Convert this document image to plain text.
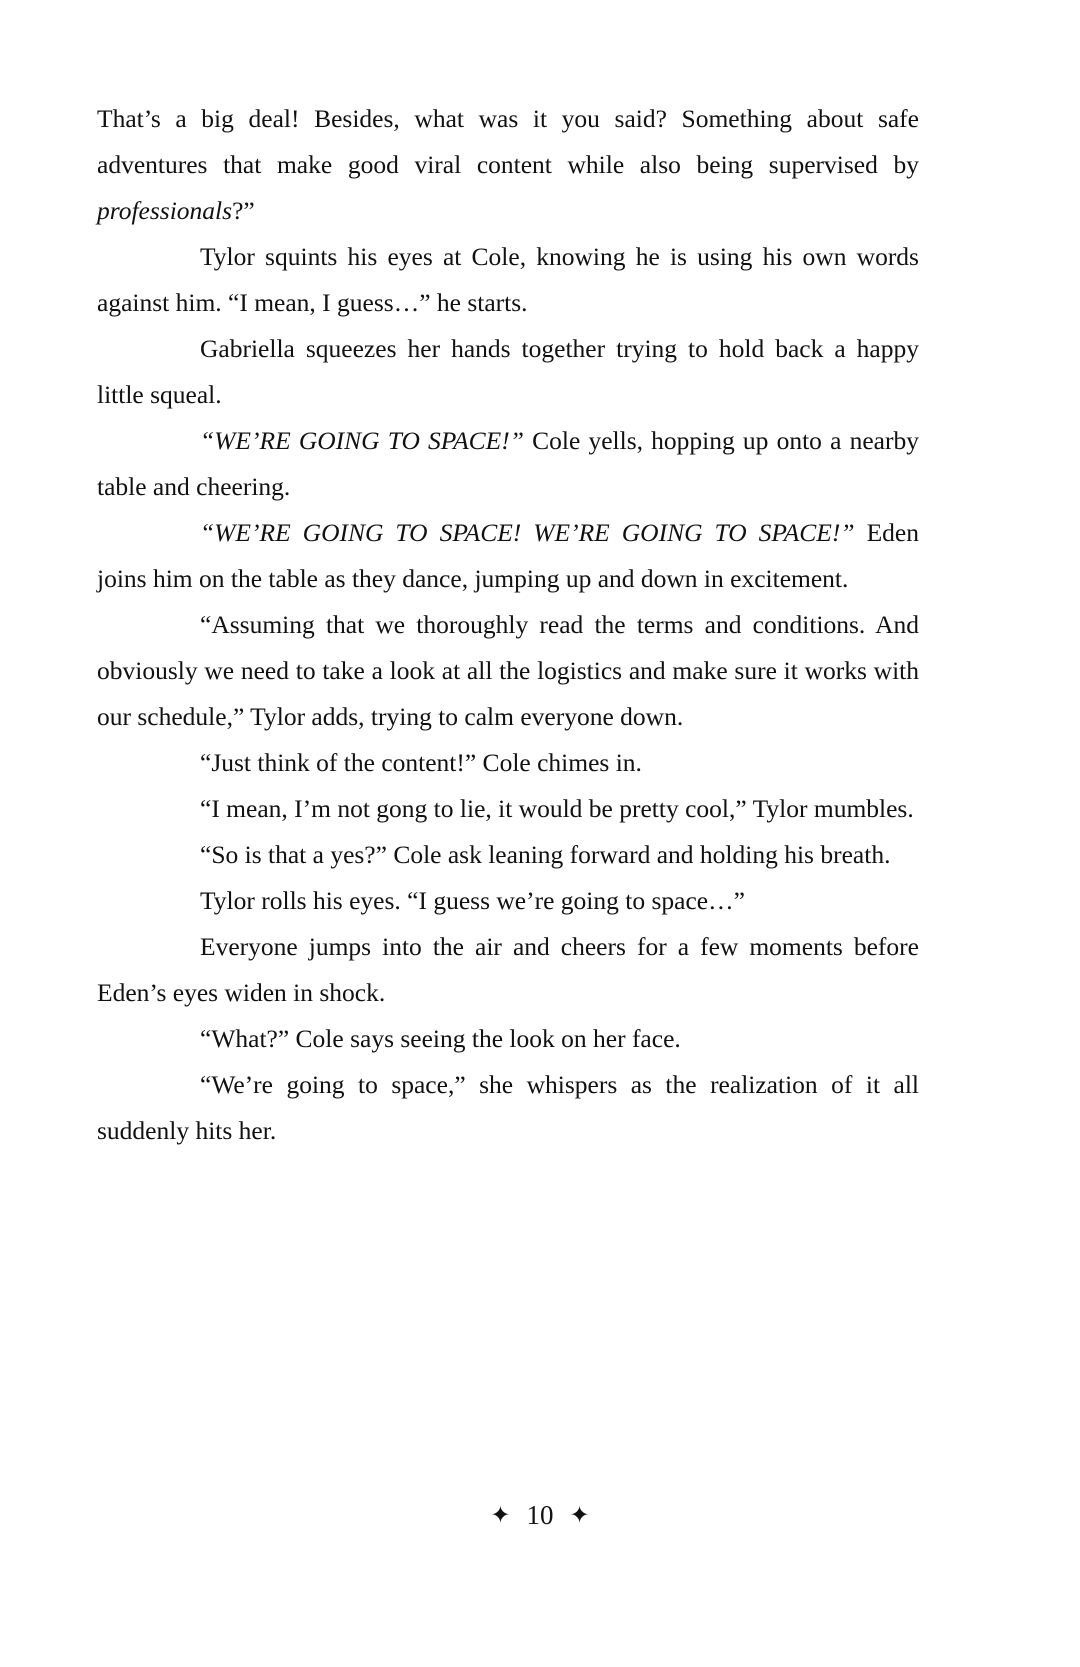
That’s a big deal! Besides, what was it you said? Something about safe adventures that make good viral content while also being supervised by professionals?”

Tylor squints his eyes at Cole, knowing he is using his own words against him. “I mean, I guess…” he starts.

Gabriella squeezes her hands together trying to hold back a happy little squeal.

“WE’RE GOING TO SPACE!” Cole yells, hopping up onto a nearby table and cheering.

“WE’RE GOING TO SPACE! WE’RE GOING TO SPACE!” Eden joins him on the table as they dance, jumping up and down in excitement.

“Assuming that we thoroughly read the terms and conditions. And obviously we need to take a look at all the logistics and make sure it works with our schedule,” Tylor adds, trying to calm everyone down.

“Just think of the content!” Cole chimes in.

“I mean, I’m not gong to lie, it would be pretty cool,” Tylor mumbles.

“So is that a yes?” Cole ask leaning forward and holding his breath.

Tylor rolls his eyes. “I guess we’re going to space…”

Everyone jumps into the air and cheers for a few moments before Eden’s eyes widen in shock.

“What?” Cole says seeing the look on her face.

“We’re going to space,” she whispers as the realization of it all suddenly hits her.

✦ 10 ✦
